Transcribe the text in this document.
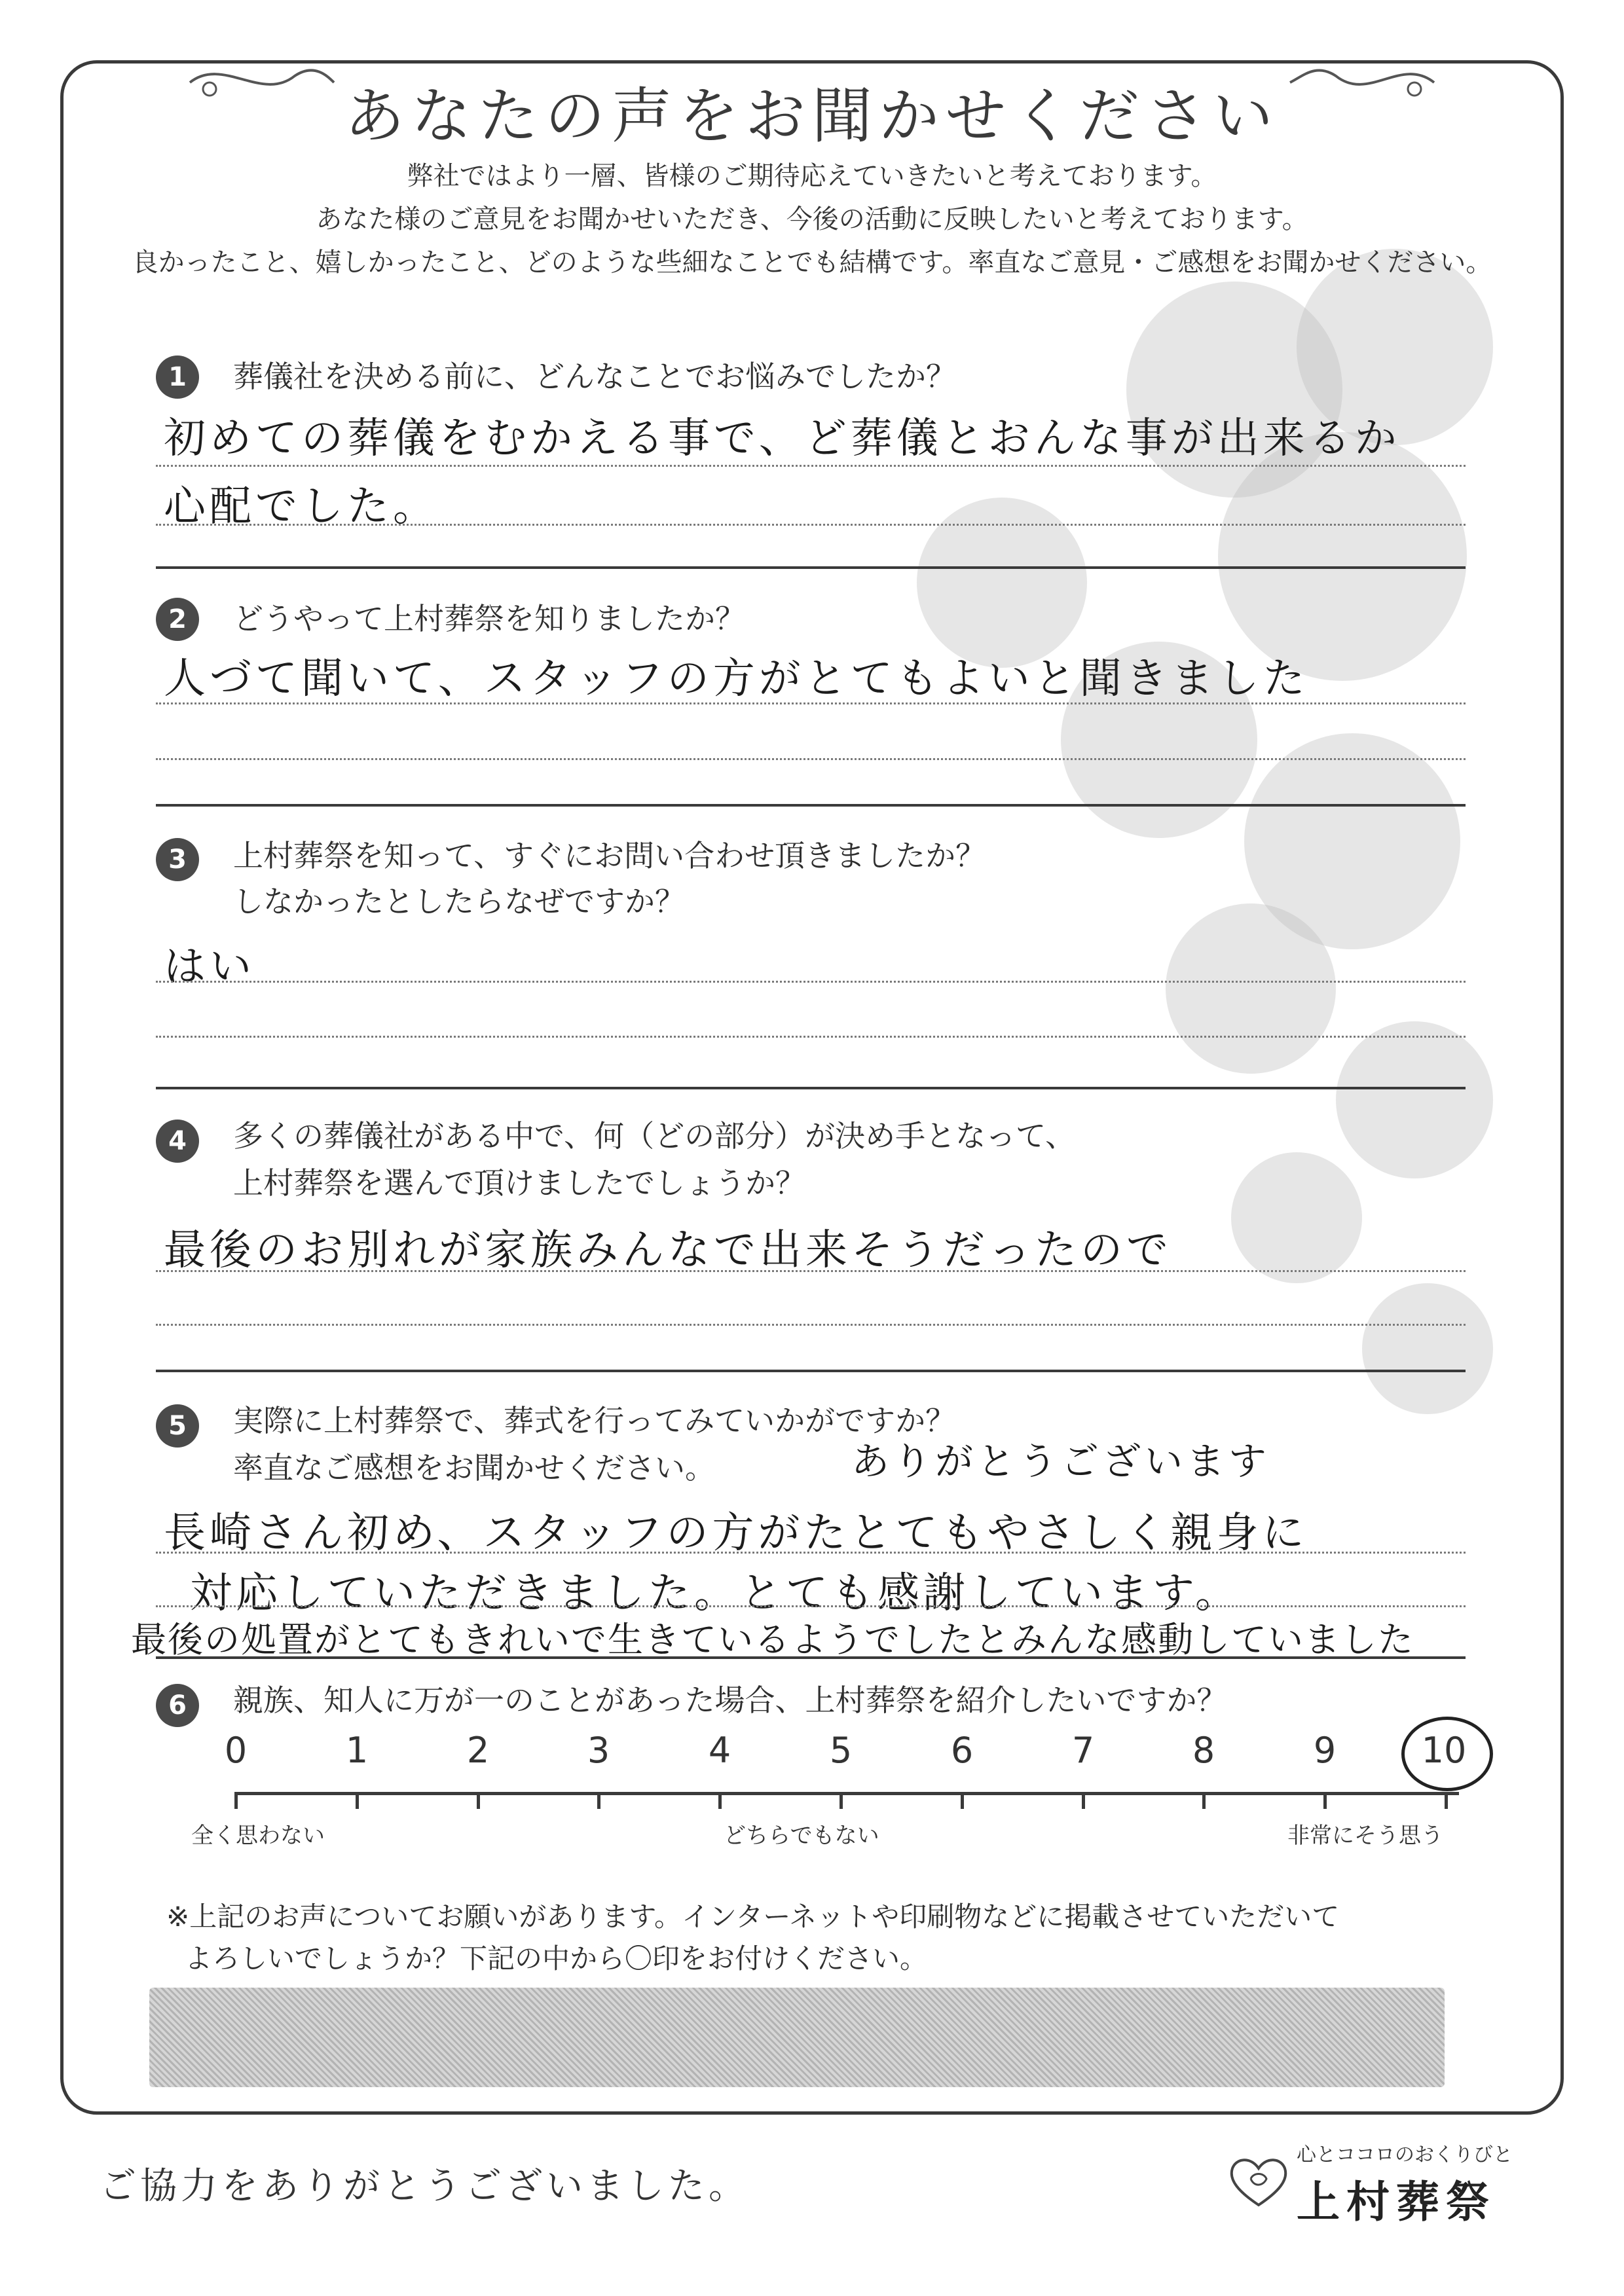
あなたの声をお聞かせください
弊社ではより一層、皆様のご期待応えていきたいと考えております。
あなた様のご意見をお聞かせいただき、今後の活動に反映したいと考えております。
良かったこと、嬉しかったこと、どのような些細なことでも結構です。率直なご意見・ご感想をお聞かせください。
1	葬儀社を決める前に、どんなことでお悩みでしたか？
初めての葬儀をむかえる事で、ど葬儀とおんな事が出来るか
心配でした。
2	どうやって上村葬祭を知りましたか？
人づて聞いて、スタッフの方がとてもよいと聞きました
3	上村葬祭を知って、すぐにお問い合わせ頂きましたか？
しなかったとしたらなぜですか？
はい
4	多くの葬儀社がある中で、何（どの部分）が決め手となって、
上村葬祭を選んで頂けましたでしょうか？
最後のお別れが家族みんなで出来そうだったので
5	実際に上村葬祭で、葬式を行ってみていかがですか？
率直なご感想をお聞かせください。	ありがとうございます
長崎さん初め、スタッフの方がたとてもやさしく親身に
対応していただきました。とても感謝しています。
最後の処置がとてもきれいで生きているようでしたとみんな感動していました
6	親族、知人に万が一のことがあった場合、上村葬祭を紹介したいですか？
0	1	2	3	4	5	6	7	8	9	10
全く思わない	どちらでもない	非常にそう思う
※上記のお声についてお願いがあります。インターネットや印刷物などに掲載させていただいて
よろしいでしょうか？下記の中から〇印をお付けください。
ご協力をありがとうございました。
心とココロのおくりびと
上村葬祭
